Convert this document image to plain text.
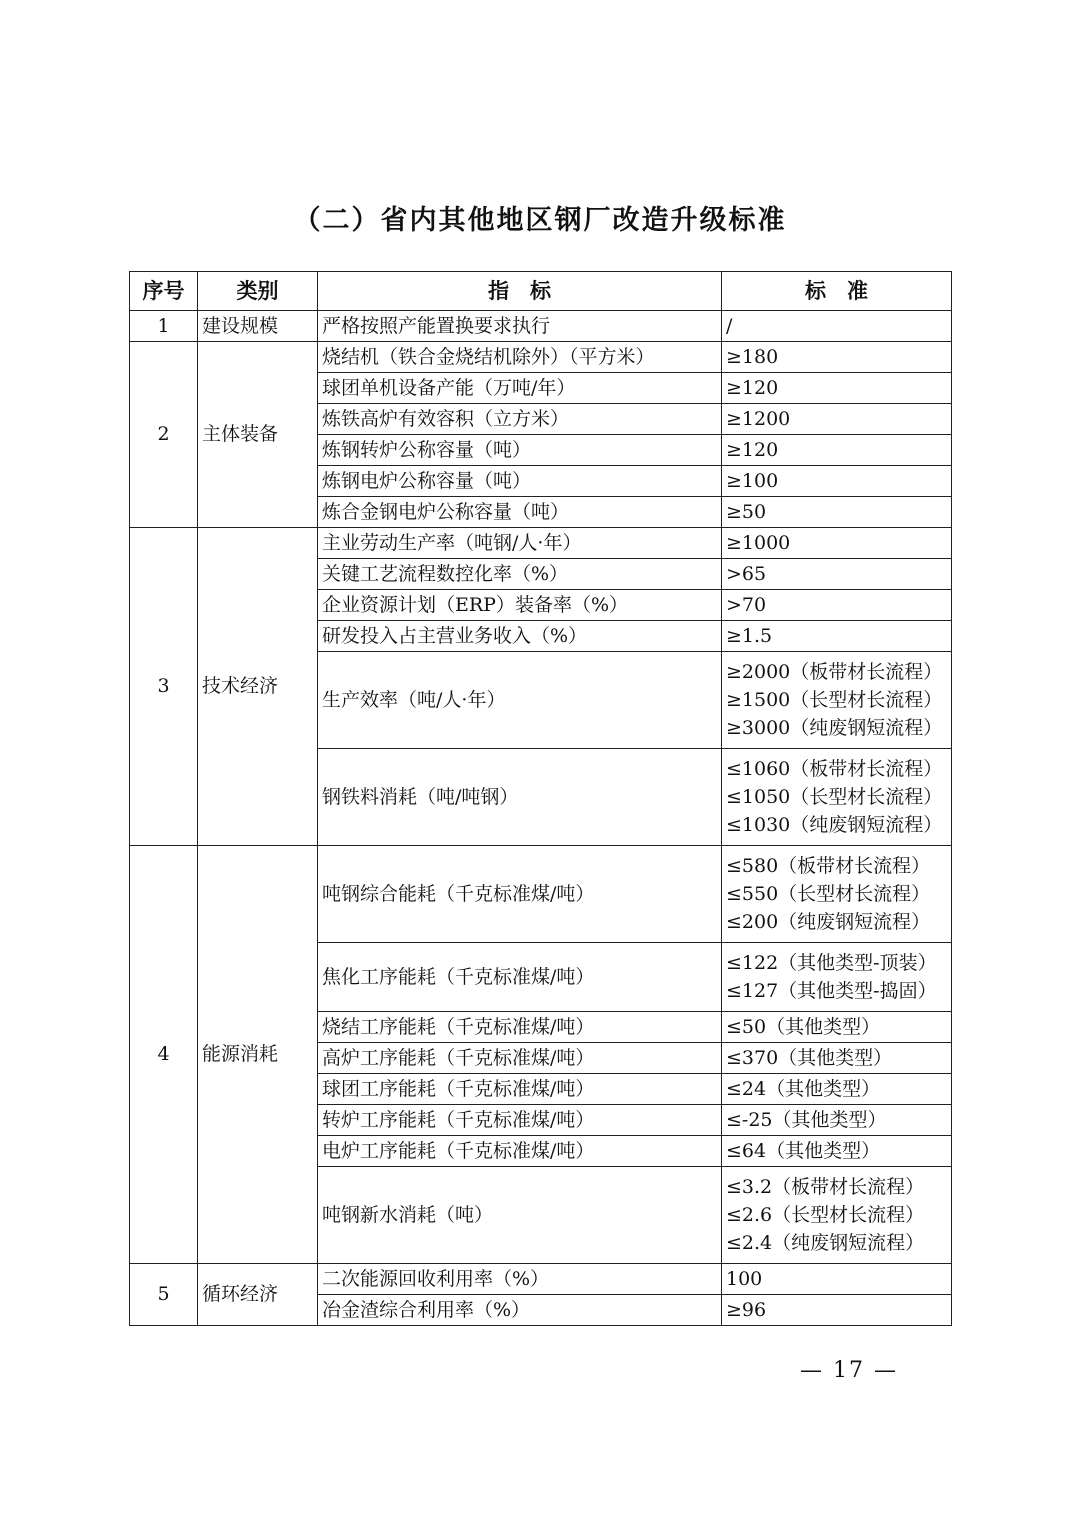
（二）省内其他地区钢厂改造升级标准
序号	类别	指　标	标　准
1	建设规模	严格按照产能置换要求执行	/

2	主体装备	烧结机（铁合金烧结机除外）（平方米）	≥180

		球团单机设备产能（万吨/年）	≥120

		炼铁高炉有效容积（立方米）	≥1200

		炼钢转炉公称容量（吨）	≥120

		炼钢电炉公称容量（吨）	≥100

		炼合金钢电炉公称容量（吨）	≥50

3	技术经济	主业劳动生产率（吨钢/人·年）	≥1000

		关键工艺流程数控化率（%）	>65

		企业资源计划（ERP）装备率（%）	>70

		研发投入占主营业务收入（%）	≥1.5

		生产效率（吨/人·年）	≥2000（板带材长流程）
≥1500（长型材长流程）
≥3000（纯废钢短流程）

		钢铁料消耗（吨/吨钢）	≤1060（板带材长流程）
≤1050（长型材长流程）
≤1030（纯废钢短流程）

4	能源消耗	吨钢综合能耗（千克标准煤/吨）	≤580（板带材长流程）
≤550（长型材长流程）
≤200（纯废钢短流程）

		焦化工序能耗（千克标准煤/吨）	≤122（其他类型-顶装）
≤127（其他类型-捣固）

		烧结工序能耗（千克标准煤/吨）	≤50（其他类型）

		高炉工序能耗（千克标准煤/吨）	≤370（其他类型）

		球团工序能耗（千克标准煤/吨）	≤24（其他类型）

		转炉工序能耗（千克标准煤/吨）	≤-25（其他类型）

		电炉工序能耗（千克标准煤/吨）	≤64（其他类型）

		吨钢新水消耗（吨）	≤3.2（板带材长流程）
≤2.6（长型材长流程）
≤2.4（纯废钢短流程）

5	循环经济	二次能源回收利用率（%）	100

		冶金渣综合利用率（%）	≥96
— 17 —
